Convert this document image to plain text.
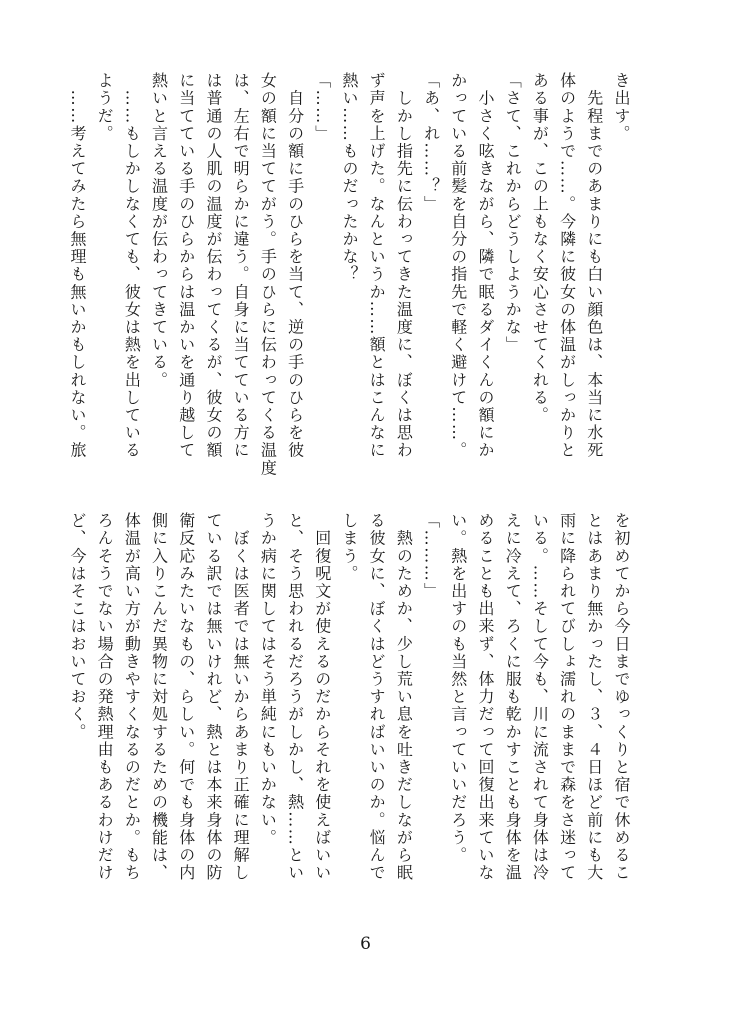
き出す。
　先程までのあまりにも白い顔色は、本当に水死
体のようで……。今隣に彼女の体温がしっかりと
ある事が、この上もなく安心させてくれる。
「さて、これからどうしようかな」
　小さく呟きながら、隣で眠るダイくんの額にか
かっている前髪を自分の指先で軽く避けて……。
「あ、れ……？」
　しかし指先に伝わってきた温度に、ぼくは思わ
ず声を上げた。なんというか……額とはこんなに
熱い……ものだったかな？
「……」
　自分の額に手のひらを当て、逆の手のひらを彼
女の額に当ててがう。手のひらに伝わってくる温度
は、左右で明らかに違う。自身に当てている方に
は普通の人肌の温度が伝わってくるが、彼女の額
に当てている手のひらからは温かいを通り越して
熱いと言える温度が伝わってきている。
　……もしかしなくても、彼女は熱を出している
ようだ。
　……考えてみたら無理も無いかもしれない。旅
を初めてから今日までゆっくりと宿で休めるこ
とはあまり無かったし、３、４日ほど前にも大
雨に降られてびしょ濡れのままで森をさ迷って
いる。……そして今も、川に流されて身体は冷
えに冷えて、ろくに服も乾かすことも身体を温
めることも出来ず、体力だって回復出来ていな
い。熱を出すのも当然と言っていいだろう。
「………」
　熱のためか、少し荒い息を吐きだしながら眠
る彼女に、ぼくはどうすればいいのか。悩んで
しまう。
　回復呪文が使えるのだからそれを使えばいい
と、そう思われるだろうがしかし、熱……とい
うか病に関してはそう単純にもいかない。
　ぼくは医者では無いからあまり正確に理解し
ている訳では無いけれど、熱とは本来身体の防
衛反応みたいなもの、らしい。何でも身体の内
側に入りこんだ異物に対処するための機能は、
体温が高い方が動きやすくなるのだとか。もち
ろんそうでない場合の発熱理由もあるわけだけ
ど、今はそこはおいておく。
6
